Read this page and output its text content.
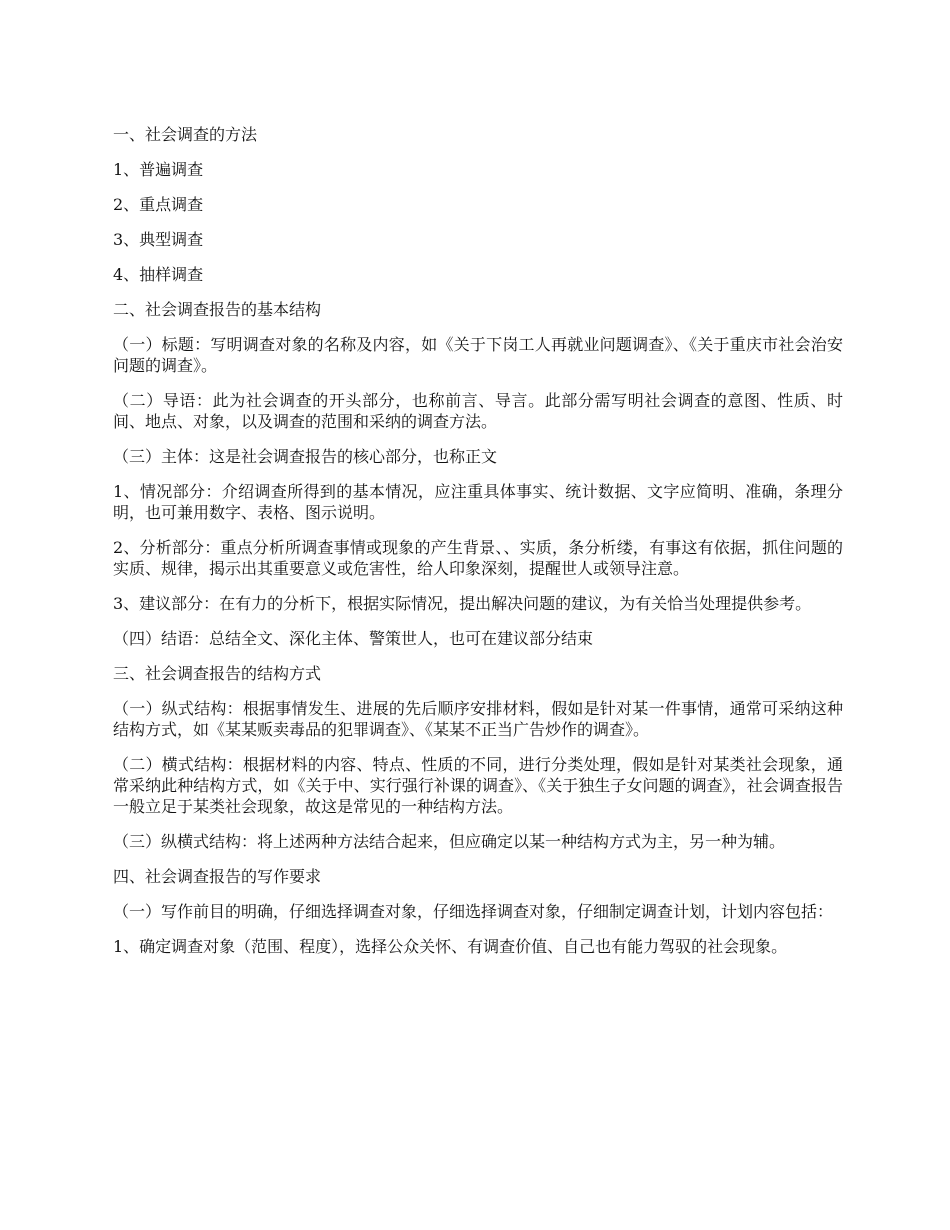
一、社会调查的方法

1、普遍调查

2、重点调查

3、典型调查

4、抽样调查

二、社会调查报告的基本结构

（一）标题：写明调查对象的名称及内容，如《关于下岗工人再就业问题调查》、《关于重庆市社会治安问题的调查》。

（二）导语：此为社会调查的开头部分，也称前言、导言。此部分需写明社会调查的意图、性质、时间、地点、对象，以及调查的范围和采纳的调查方法。

（三）主体：这是社会调查报告的核心部分，也称正文

1、情况部分：介绍调查所得到的基本情况，应注重具体事实、统计数据、文字应简明、准确，条理分明，也可兼用数字、表格、图示说明。

2、分析部分：重点分析所调查事情或现象的产生背景、、实质，条分析缕，有事这有依据，抓住问题的实质、规律，揭示出其重要意义或危害性，给人印象深刻，提醒世人或领导注意。

3、建议部分：在有力的分析下，根据实际情况，提出解决问题的建议，为有关恰当处理提供参考。

（四）结语：总结全文、深化主体、警策世人，也可在建议部分结束

三、社会调查报告的结构方式

（一）纵式结构：根据事情发生、进展的先后顺序安排材料，假如是针对某一件事情，通常可采纳这种结构方式，如《某某贩卖毒品的犯罪调查》、《某某不正当广告炒作的调查》。

（二）横式结构：根据材料的内容、特点、性质的不同，进行分类处理，假如是针对某类社会现象，通常采纳此种结构方式，如《关于中、实行强行补课的调查》、《关于独生子女问题的调查》，社会调查报告一般立足于某类社会现象，故这是常见的一种结构方法。

（三）纵横式结构：将上述两种方法结合起来，但应确定以某一种结构方式为主，另一种为辅。

四、社会调查报告的写作要求

（一）写作前目的明确，仔细选择调查对象，仔细选择调查对象，仔细制定调查计划，计划内容包括：

1、确定调查对象（范围、程度），选择公众关怀、有调查价值、自己也有能力驾驭的社会现象。
